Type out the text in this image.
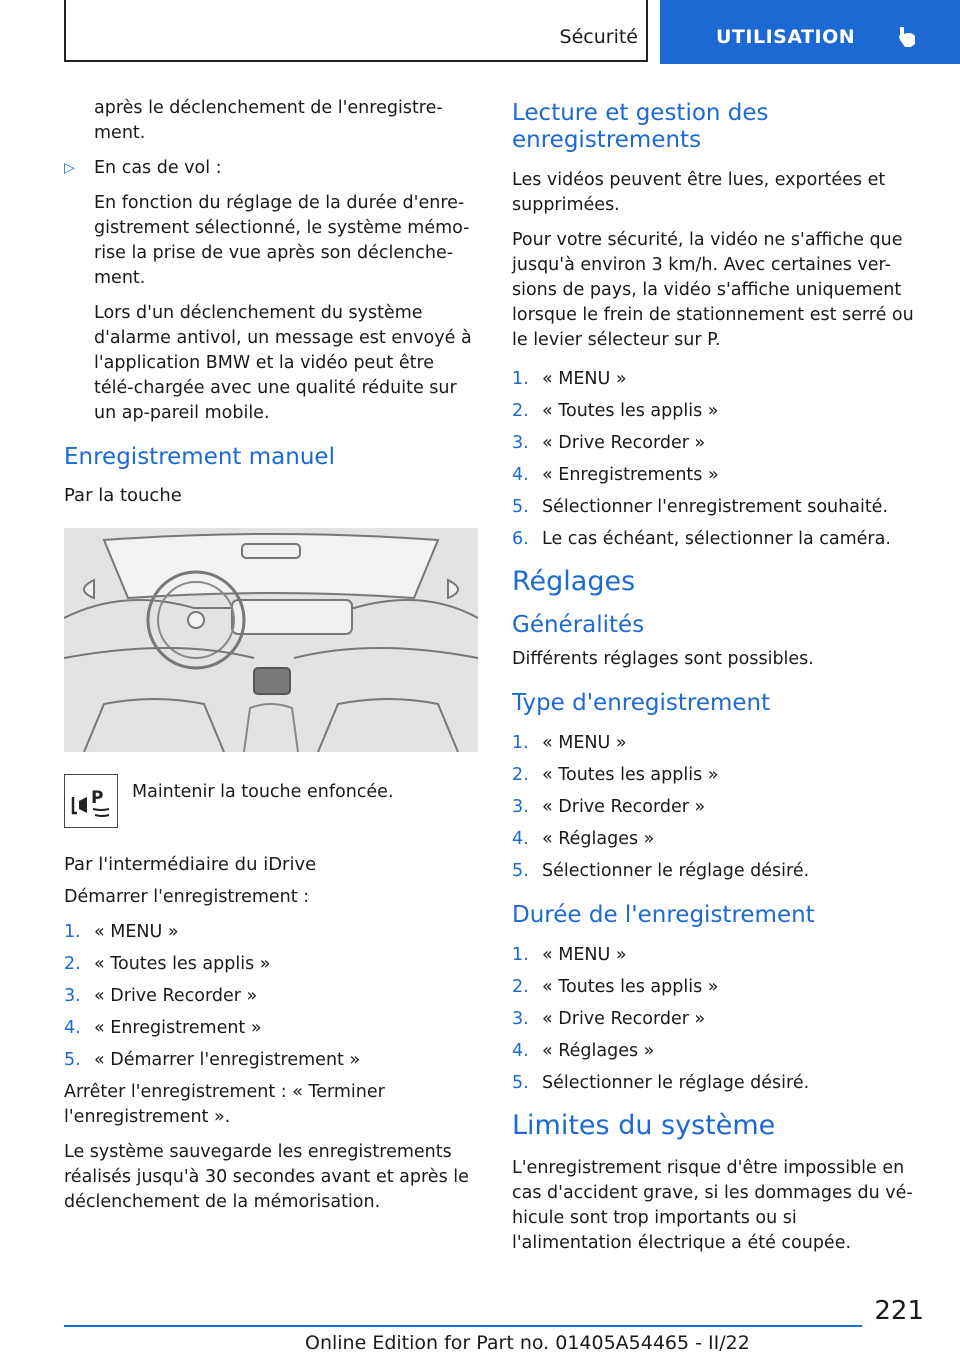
Sécurité	UTILISATION

après le déclenchement de l'enregistre-ment.

▷	En cas de vol :

En fonction du réglage de la durée d'enre-gistrement sélectionné, le système mémo-rise la prise de vue après son déclenche-ment.

Lors d'un déclenchement du système d'alarme antivol, un message est envoyé à l'application BMW et la vidéo peut être télé-chargée avec une qualité réduite sur un ap-pareil mobile.

Enregistrement manuel
Par la touche
P Maintenir la touche enfoncée.

Par l'intermédiaire du iDrive

Démarrer l'enregistrement :

1. « MENU »
2. « Toutes les applis »
3. « Drive Recorder »
4. « Enregistrement »
5. « Démarrer l'enregistrement »

Arrêter l'enregistrement : « Terminer l'enregistrement ».

Le système sauvegarde les enregistrements réalisés jusqu'à 30 secondes avant et après le déclenchement de la mémorisation.

Lecture et gestion des enregistrements

Les vidéos peuvent être lues, exportées et supprimées.

Pour votre sécurité, la vidéo ne s'affiche que jusqu'à environ 3 km/h. Avec certaines ver-sions de pays, la vidéo s'affiche uniquement lorsque le frein de stationnement est serré ou le levier sélecteur sur P.

1. « MENU »
2. « Toutes les applis »
3. « Drive Recorder »
4. « Enregistrements »
5. Sélectionner l'enregistrement souhaité.
6. Le cas échéant, sélectionner la caméra.
Réglages
Généralités

Différents réglages sont possibles.

Type d'enregistrement
1. « MENU »
2. « Toutes les applis »
3. « Drive Recorder »
4. « Réglages »
5. Sélectionner le réglage désiré.
Durée de l'enregistrement
1. « MENU »
2. « Toutes les applis »
3. « Drive Recorder »
4. « Réglages »
5. Sélectionner le réglage désiré.
Limites du système

L'enregistrement risque d'être impossible en cas d'accident grave, si les dommages du vé-hicule sont trop importants ou si l'alimentation électrique a été coupée.

221
Online Edition for Part no. 01405A54465 - II/22
